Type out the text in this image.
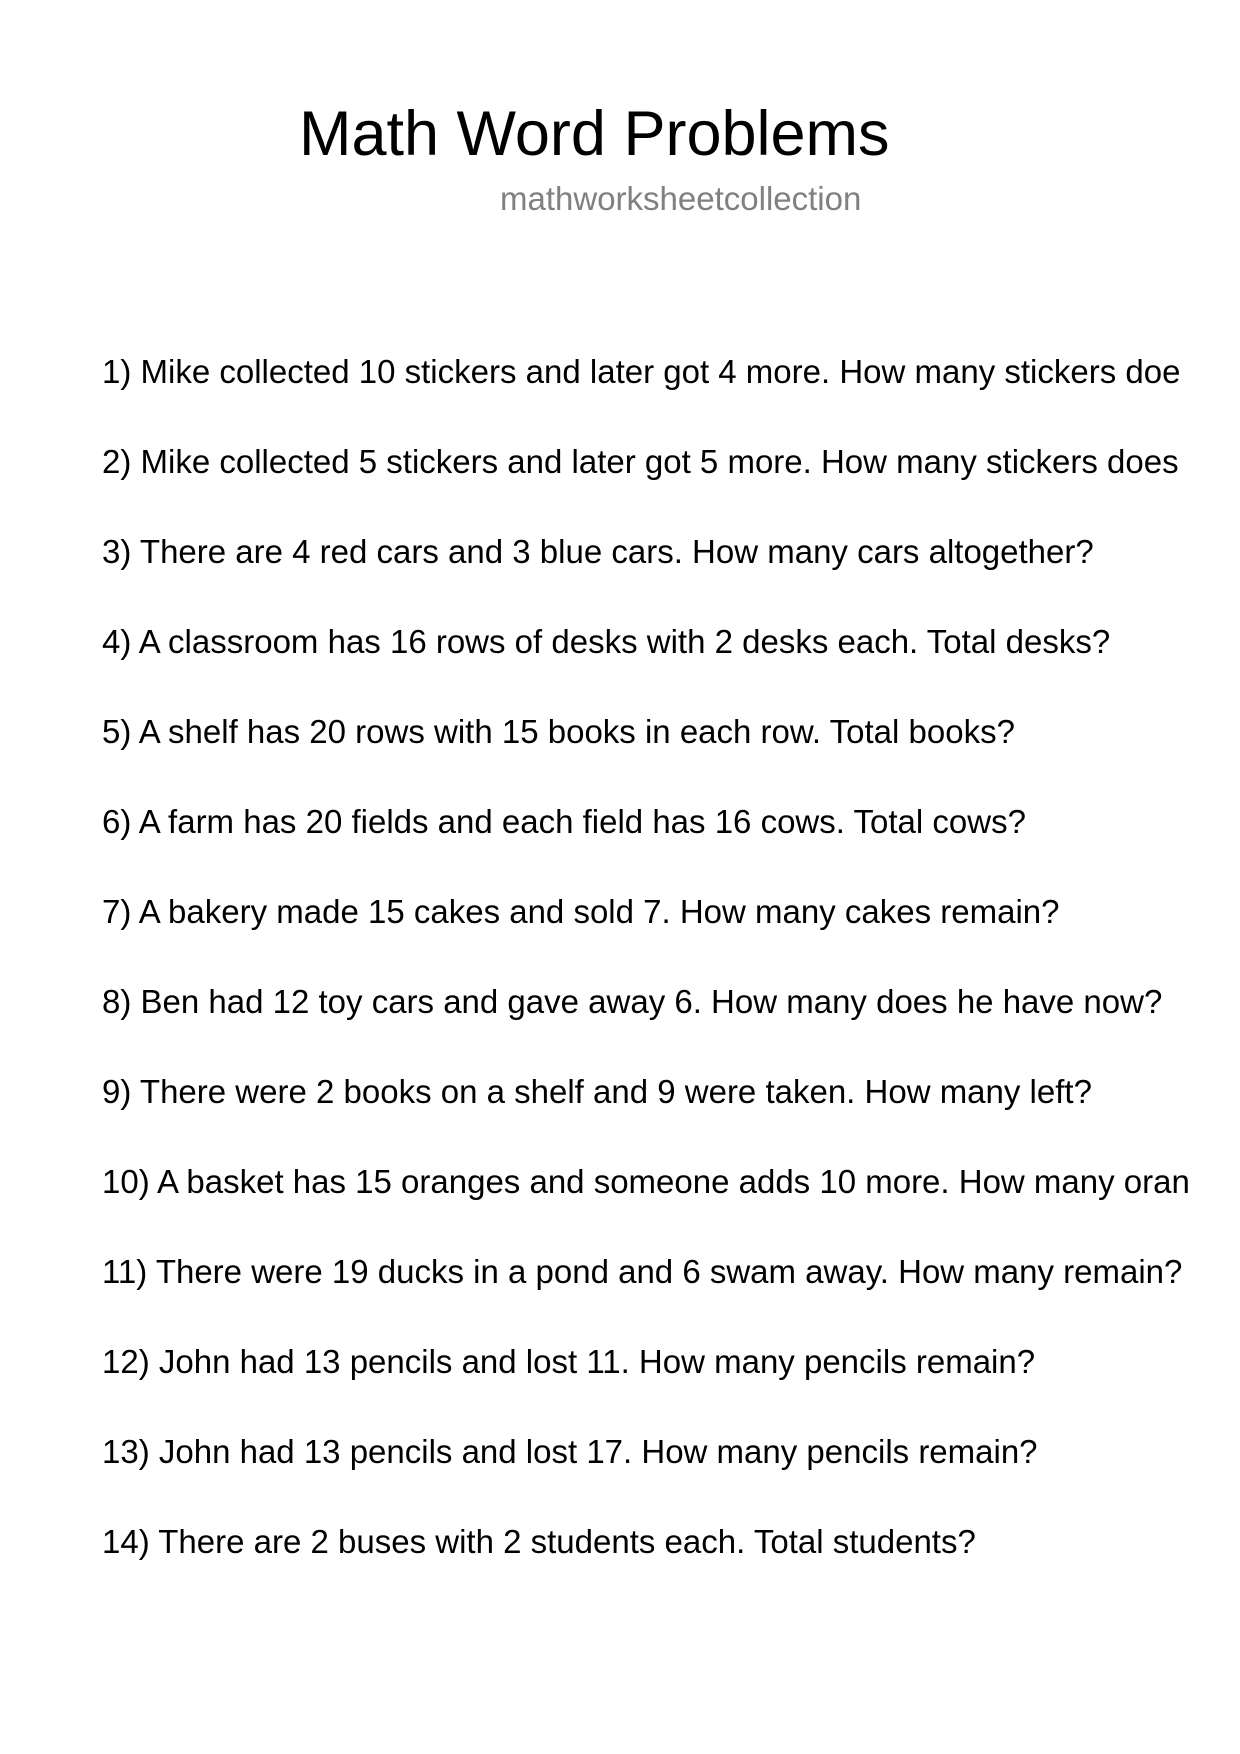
Math Word Problems
mathworksheetcollection
1) Mike collected 10 stickers and later got 4 more. How many stickers doe
2) Mike collected 5 stickers and later got 5 more. How many stickers does
3) There are 4 red cars and 3 blue cars. How many cars altogether?
4) A classroom has 16 rows of desks with 2 desks each. Total desks?
5) A shelf has 20 rows with 15 books in each row. Total books?
6) A farm has 20 fields and each field has 16 cows. Total cows?
7) A bakery made 15 cakes and sold 7. How many cakes remain?
8) Ben had 12 toy cars and gave away 6. How many does he have now?
9) There were 2 books on a shelf and 9 were taken. How many left?
10) A basket has 15 oranges and someone adds 10 more. How many oran
11) There were 19 ducks in a pond and 6 swam away. How many remain?
12) John had 13 pencils and lost 11. How many pencils remain?
13) John had 13 pencils and lost 17. How many pencils remain?
14) There are 2 buses with 2 students each. Total students?
